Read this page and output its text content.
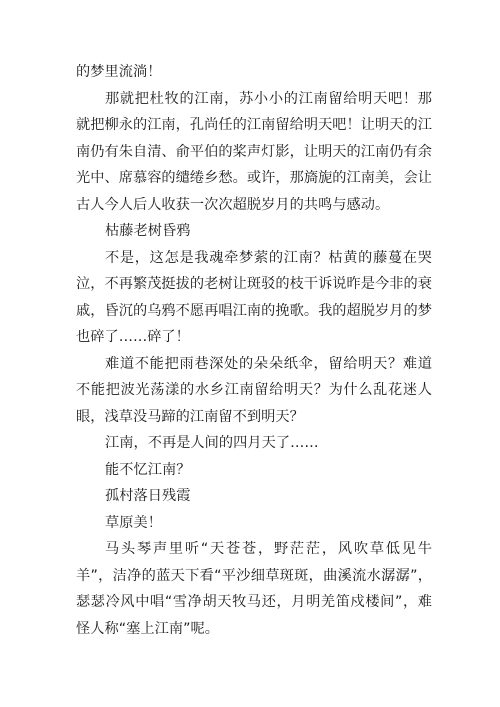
的梦里流淌！

那就把杜牧的江南，苏小小的江南留给明天吧！那就把柳永的江南，孔尚任的江南留给明天吧！让明天的江南仍有朱自清、俞平伯的桨声灯影，让明天的江南仍有余光中、席慕容的缱绻乡愁。或许，那旖旎的江南美，会让古人今人后人收获一次次超脱岁月的共鸣与感动。

枯藤老树昏鸦

不是，这怎是我魂牵梦萦的江南？枯黄的藤蔓在哭泣，不再繁茂挺拔的老树让斑驳的枝干诉说昨是今非的衰戚，昏沉的乌鸦不愿再唱江南的挽歌。我的超脱岁月的梦也碎了……碎了！

难道不能把雨巷深处的朵朵纸伞，留给明天？难道不能把波光荡漾的水乡江南留给明天？为什么乱花迷人眼，浅草没马蹄的江南留不到明天？

江南，不再是人间的四月天了……

能不忆江南？

孤村落日残霞

草原美！

马头琴声里听“天苍苍，野茫茫，风吹草低见牛羊”，洁净的蓝天下看“平沙细草斑斑，曲溪流水潺潺”，瑟瑟冷风中唱“雪净胡天牧马还，月明羌笛戍楼间”，难怪人称“塞上江南”呢。
